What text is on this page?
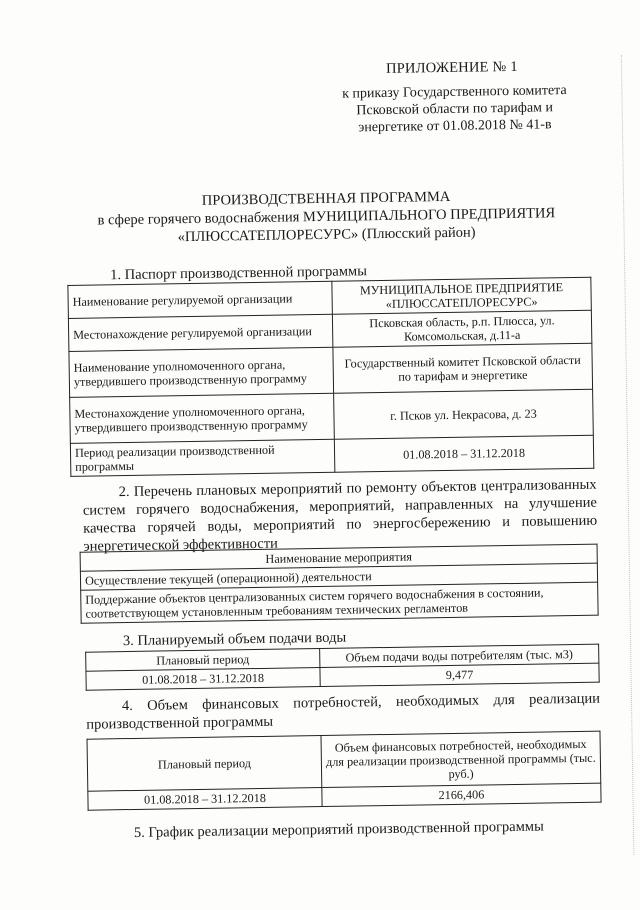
ПРИЛОЖЕНИЕ № 1
к приказу Государственного комитета
Псковской области по тарифам и
энергетике от 01.08.2018 № 41-в
ПРОИЗВОДСТВЕННАЯ ПРОГРАММА
в сфере горячего водоснабжения МУНИЦИПАЛЬНОГО ПРЕДПРИЯТИЯ
«ПЛЮССАТЕПЛОРЕСУРС» (Плюсский район)
1. Паспорт производственной программы
Наименование регулируемой организации	МУНИЦИПАЛЬНОЕ ПРЕДПРИЯТИЕ «ПЛЮССАТЕПЛОРЕСУРС»
Местонахождение регулируемой организации	Псковская область, р.п. Плюсса, ул. Комсомольская, д.11-а
Наименование уполномоченного органа, утвердившего производственную программу	Государственный комитет Псковской области по тарифам и энергетике
Местонахождение уполномоченного органа, утвердившего производственную программу	г. Псков ул. Некрасова, д. 23
Период реализации производственной программы	01.08.2018 – 31.12.2018
2. Перечень плановых мероприятий по ремонту объектов централизованных систем горячего водоснабжения, мероприятий, направленных на улучшение качества горячей воды, мероприятий по энергосбережению и повышению энергетической эффективности
Наименование мероприятия
Осуществление текущей (операционной) деятельности
Поддержание объектов централизованных систем горячего водоснабжения в состоянии, соответствующем установленным требованиям технических регламентов
3. Планируемый объем подачи воды
Плановый период	Объем подачи воды потребителям (тыс. м3)
01.08.2018 – 31.12.2018	9,477
4. Объем финансовых потребностей, необходимых для реализации производственной программы
Плановый период	Объем финансовых потребностей, необходимых для реализации производственной программы (тыс. руб.)
01.08.2018 – 31.12.2018	2166,406
5. График реализации мероприятий производственной программы
